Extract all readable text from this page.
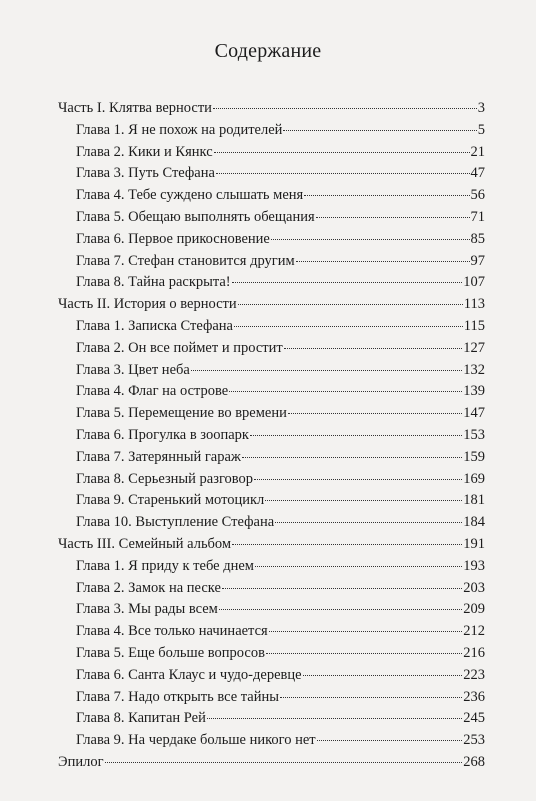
Содержание
Часть I. Клятва верности	3
Глава 1. Я не похож на родителей	5
Глава 2. Кики и Кянкс	21
Глава 3. Путь Стефана	47
Глава 4. Тебе суждено слышать меня	56
Глава 5. Обещаю выполнять обещания	71
Глава 6. Первое прикосновение	85
Глава 7. Стефан становится другим	97
Глава 8. Тайна раскрыта!	107
Часть II. История о верности	113
Глава 1. Записка Стефана	115
Глава 2. Он все поймет и простит	127
Глава 3. Цвет неба	132
Глава 4. Флаг на острове	139
Глава 5. Перемещение во времени	147
Глава 6. Прогулка в зоопарк	153
Глава 7. Затерянный гараж	159
Глава 8. Серьезный разговор	169
Глава 9. Старенький мотоцикл	181
Глава 10. Выступление Стефана	184
Часть III. Семейный альбом	191
Глава 1. Я приду к тебе днем	193
Глава 2. Замок на песке	203
Глава 3. Мы рады всем	209
Глава 4. Все только начинается	212
Глава 5. Еще больше вопросов	216
Глава 6. Санта Клаус и чудо-деревце	223
Глава 7. Надо открыть все тайны	236
Глава 8. Капитан Рей	245
Глава 9. На чердаке больше никого нет	253
Эпилог	268
